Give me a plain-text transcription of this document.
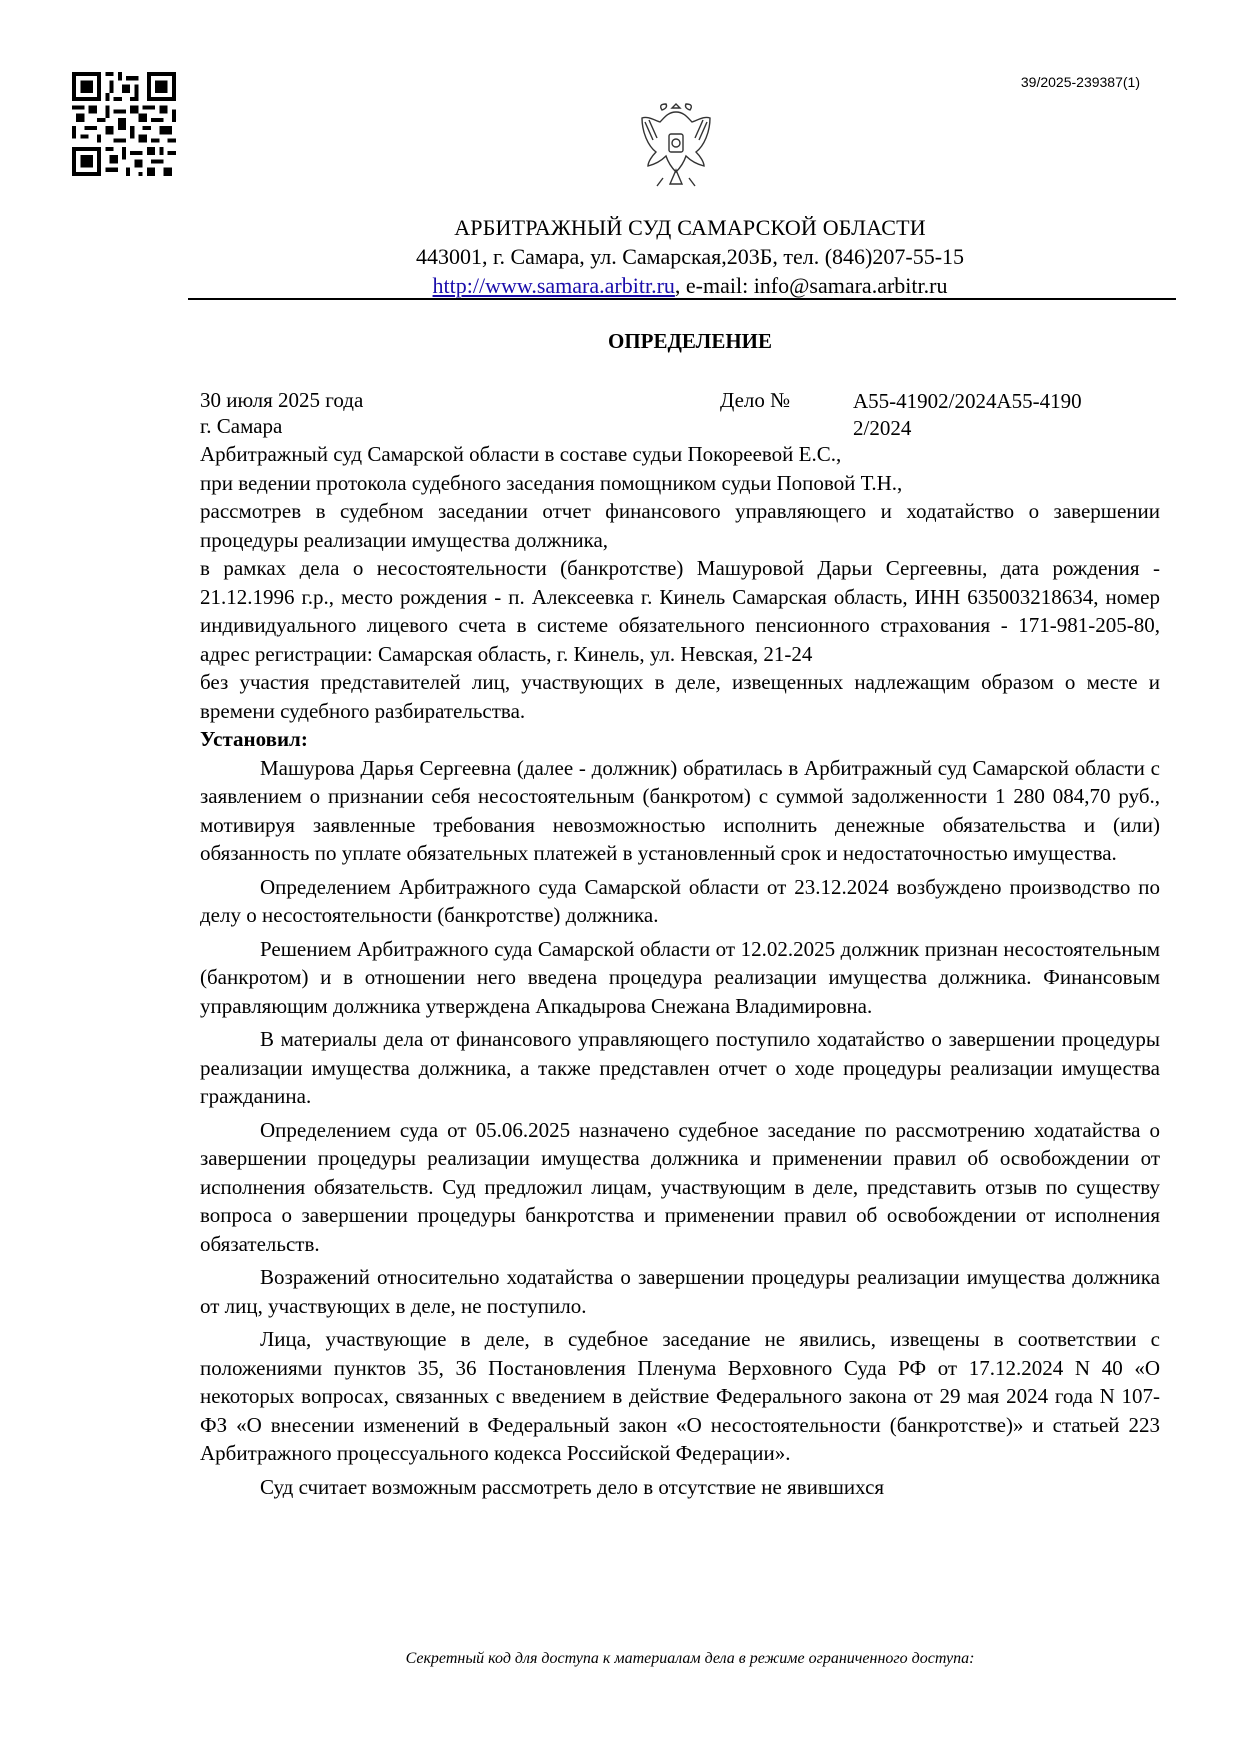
39/2025-239387(1)
АРБИТРАЖНЫЙ СУД САМАРСКОЙ ОБЛАСТИ
443001, г. Самара, ул. Самарская,203Б, тел. (846)207-55-15
http://www.samara.arbitr.ru, e-mail: info@samara.arbitr.ru
ОПРЕДЕЛЕНИЕ
30 июля 2025 года
г. Самара
Дело №	А55-41902/2024А55-41902/2024

Арбитражный суд Самарской области в составе судьи Покореевой Е.С.,

при ведении протокола судебного заседания помощником судьи Поповой Т.Н.,

рассмотрев в судебном заседании отчет финансового управляющего и ходатайство о завершении процедуры реализации имущества должника,

в рамках дела о несостоятельности (банкротстве) Машуровой Дарьи Сергеевны, дата рождения - 21.12.1996 г.р., место рождения - п. Алексеевка г. Кинель Самарская область, ИНН 635003218634, номер индивидуального лицевого счета в системе обязательного пенсионного страхования - 171-981-205-80, адрес регистрации: Самарская область, г. Кинель, ул. Невская, 21-24

без участия представителей лиц, участвующих в деле, извещенных надлежащим образом о месте и времени судебного разбирательства.

Установил:

Машурова Дарья Сергеевна (далее - должник) обратилась в Арбитражный суд Самарской области с заявлением о признании себя несостоятельным (банкротом) с суммой задолженности 1 280 084,70 руб., мотивируя заявленные требования невозможностью исполнить денежные обязательства и (или) обязанность по уплате обязательных платежей в установленный срок и недостаточностью имущества.

Определением Арбитражного суда Самарской области от 23.12.2024 возбуждено производство по делу о несостоятельности (банкротстве) должника.

Решением Арбитражного суда Самарской области от 12.02.2025 должник признан несостоятельным (банкротом) и в отношении него введена процедура реализации имущества должника. Финансовым управляющим должника утверждена Апкадырова Снежана Владимировна.

В материалы дела от финансового управляющего поступило ходатайство о завершении процедуры реализации имущества должника, а также представлен отчет о ходе процедуры реализации имущества гражданина.

Определением суда от 05.06.2025 назначено судебное заседание по рассмотрению ходатайства о завершении процедуры реализации имущества должника и применении правил об освобождении от исполнения обязательств. Суд предложил лицам, участвующим в деле, представить отзыв по существу вопроса о завершении процедуры банкротства и применении правил об освобождении от исполнения обязательств.

Возражений относительно ходатайства о завершении процедуры реализации имущества должника от лиц, участвующих в деле, не поступило.

Лица, участвующие в деле, в судебное заседание не явились, извещены в соответствии с положениями пунктов 35, 36 Постановления Пленума Верховного Суда РФ от 17.12.2024 N 40 «О некоторых вопросах, связанных с введением в действие Федерального закона от 29 мая 2024 года N 107-ФЗ «О внесении изменений в Федеральный закон «О несостоятельности (банкротстве)» и статьей 223 Арбитражного процессуального кодекса Российской Федерации».

Суд считает возможным рассмотреть дело в отсутствие не явившихся

Секретный код для доступа к материалам дела в режиме ограниченного доступа:
